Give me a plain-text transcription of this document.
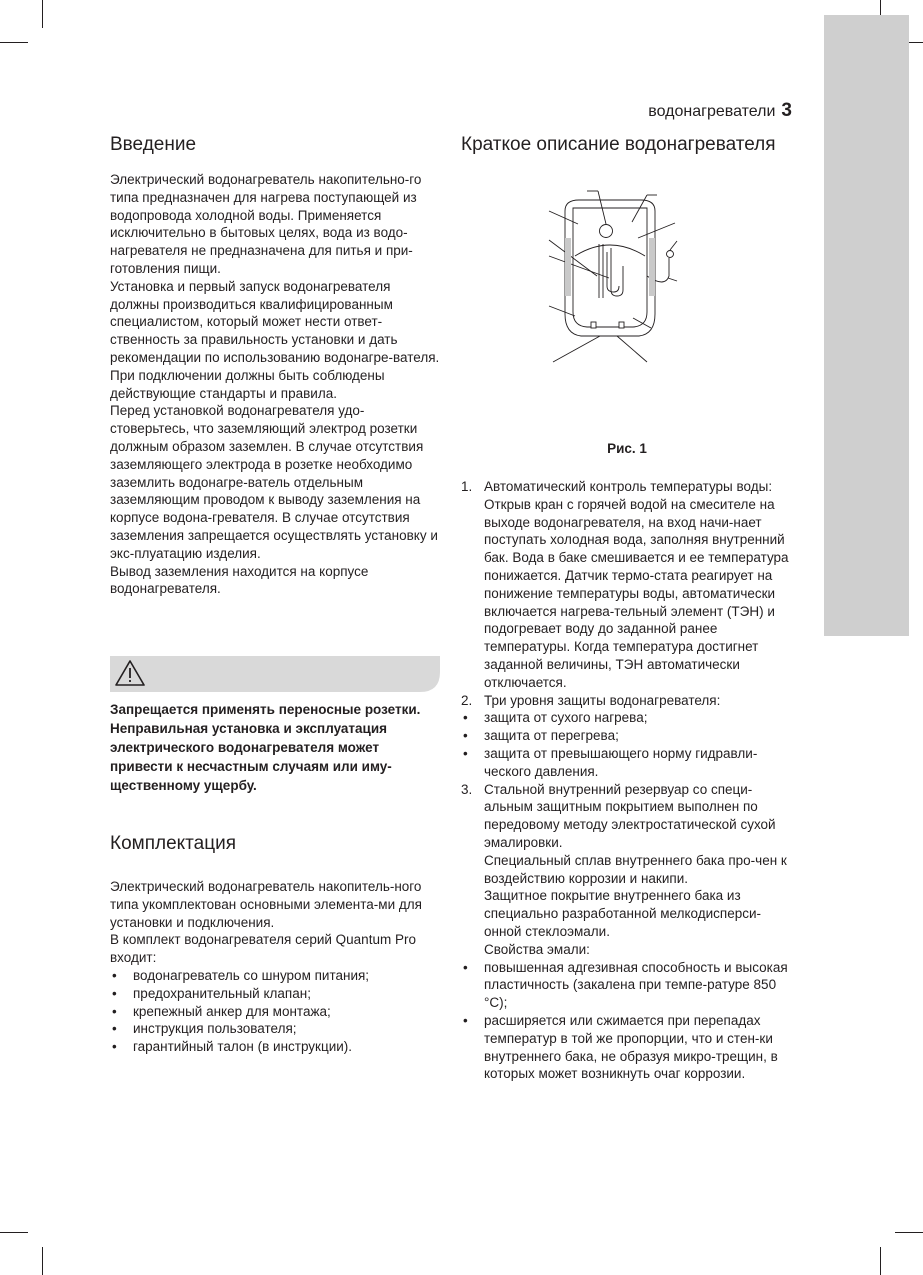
водонагреватели 3
Введение

Электрический водонагреватель накопительно-го типа предназначен для нагрева поступающей из водопровода холодной воды. Применяется исключительно в бытовых целях, вода из водо-нагревателя не предназначена для питья и при-готовления пищи.

Установка и первый запуск водонагревателя должны производиться квалифицированным специалистом, который может нести ответ-ственность за правильность установки и дать рекомендации по использованию водонагре-вателя.

При подключении должны быть соблюдены действующие стандарты и правила.

Перед установкой водонагревателя удо-стоверьтесь, что заземляющий электрод розетки должным образом заземлен. В случае отсутствия заземляющего электрода в розетке необходимо заземлить водонагре-ватель отдельным заземляющим проводом к выводу заземления на корпусе водона-гревателя. В случае отсутствия заземления запрещается осуществлять установку и экс-плуатацию изделия.

Вывод заземления находится на корпусе водонагревателя.

Запрещается применять переносные розетки.

Неправильная установка и эксплуатация электрического водонагревателя может привести к несчастным случаям или иму-щественному ущербу.

Комплектация

Электрический водонагреватель накопитель-ного типа укомплектован основными элемента-ми для установки и подключения.

В комплект водонагревателя серий Quantum Pro входит:

• водонагреватель со шнуром питания;
• предохранительный клапан;
• крепежный анкер для монтажа;
• инструкция пользователя;
• гарантийный талон (в инструкции).
Краткое описание водонагревателя
Рис. 1
1. Автоматический контроль температуры воды:

Открыв кран с горячей водой на смесителе на выходе водонагревателя, на вход начи-нает поступать холодная вода, заполняя внутренний бак. Вода в баке смешивается и ее температура понижается. Датчик термо-стата реагирует на понижение температуры воды, автоматически включается нагрева-тельный элемент (ТЭН) и подогревает воду до заданной ранее температуры. Когда температура достигнет заданной величины, ТЭН автоматически отключается.

2. Три уровня защиты водонагревателя:

• защита от сухого нагрева;
• защита от перегрева;
• защита от превышающего норму гидравли-ческого давления.
3. Стальной внутренний резервуар со специ-альным защитным покрытием выполнен по передовому методу электростатической сухой эмалировки.

Специальный сплав внутреннего бака про-чен к воздействию коррозии и накипи.

Защитное покрытие внутреннего бака из специально разработанной мелкодисперси-онной стеклоэмали.

Свойства эмали:

• повышенная адгезивная способность и высокая пластичность (закалена при темпе-ратуре 850 °C);
• расширяется или сжимается при перепадах температур в той же пропорции, что и стен-ки внутреннего бака, не образуя микро-трещин, в которых может возникнуть очаг коррозии.
